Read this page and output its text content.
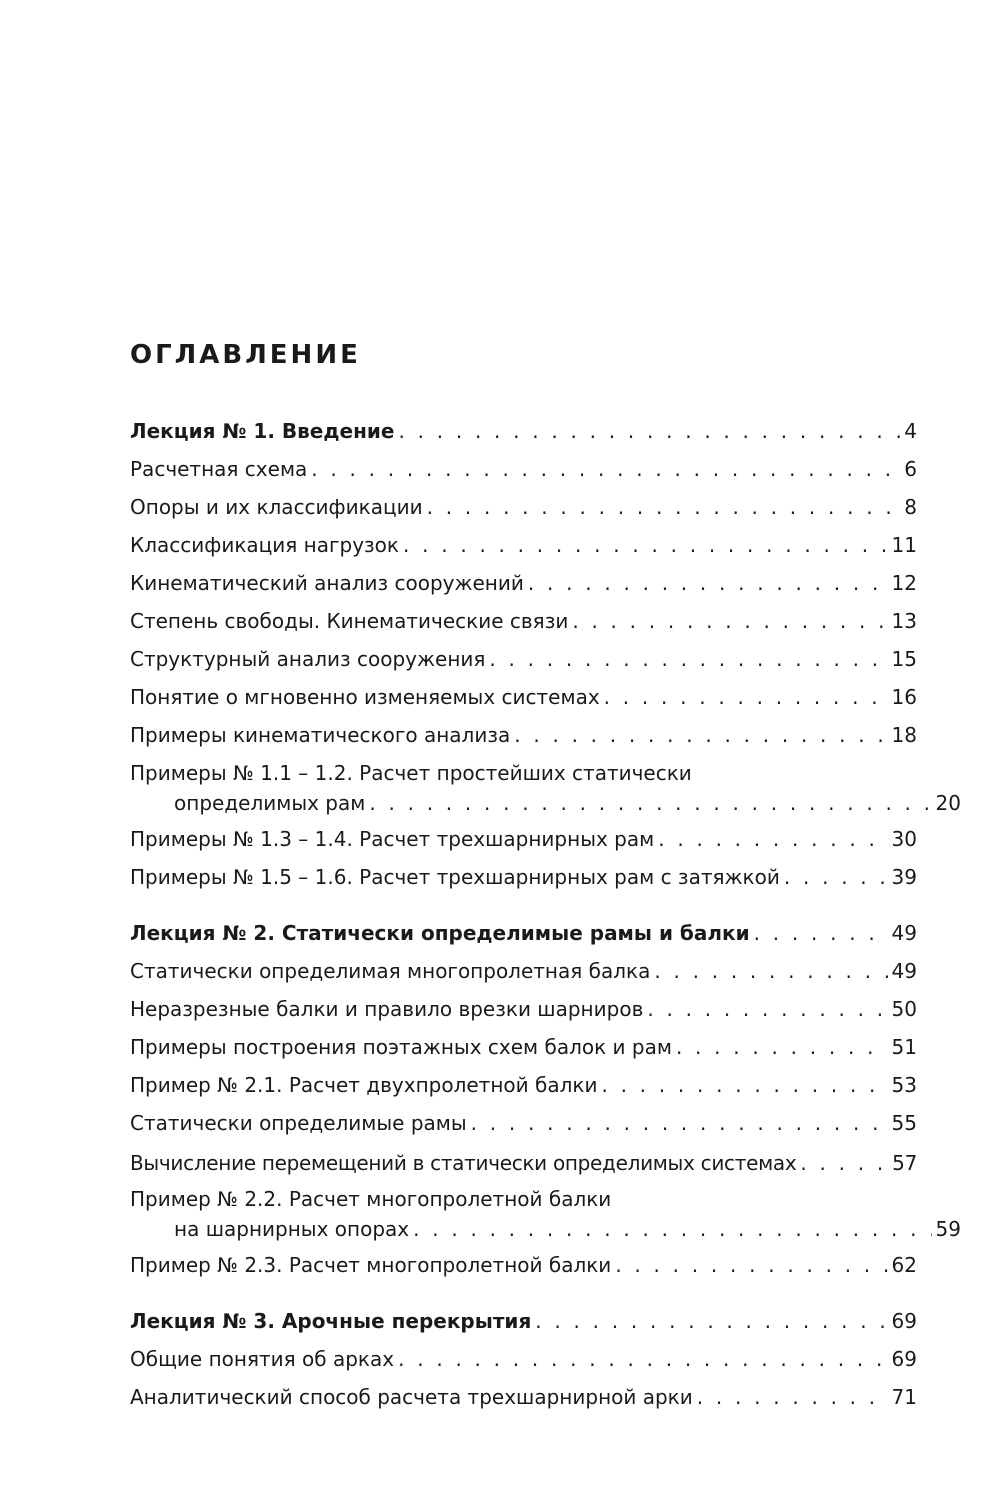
ОГЛАВЛЕНИЕ
Лекция № 1. Введение . . .	4
Расчетная схема . . .	6
Опоры и их классификации . . .	8
Классификация нагрузок . . .	11
Кинематический анализ сооружений . . .	12
Степень свободы. Кинематические связи . . .	13
Структурный анализ сооружения . . .	15
Понятие о мгновенно изменяемых системах . . .	16
Примеры кинематического анализа . . .	18
Примеры № 1.1 – 1.2. Расчет простейших статически
определимых рам . . .	20
Примеры № 1.3 – 1.4. Расчет трехшарнирных рам . . .	30
Примеры № 1.5 – 1.6. Расчет трехшарнирных рам с затяжкой . . .	39
Лекция № 2. Статически определимые рамы и балки . . .	49
Статически определимая многопролетная балка . . .	49
Неразрезные балки и правило врезки шарниров . . .	50
Примеры построения поэтажных схем балок и рам . . .	51
Пример № 2.1. Расчет двухпролетной балки . . .	53
Статически определимые рамы . . .	55
Вычисление перемещений в статически определимых системах . . .	57
Пример № 2.2. Расчет многопролетной балки
на шарнирных опорах . . .	59
Пример № 2.3. Расчет многопролетной балки . . .	62
Лекция № 3. Арочные перекрытия . . .	69
Общие понятия об арках . . .	69
Аналитический способ расчета трехшарнирной арки . . .	71
